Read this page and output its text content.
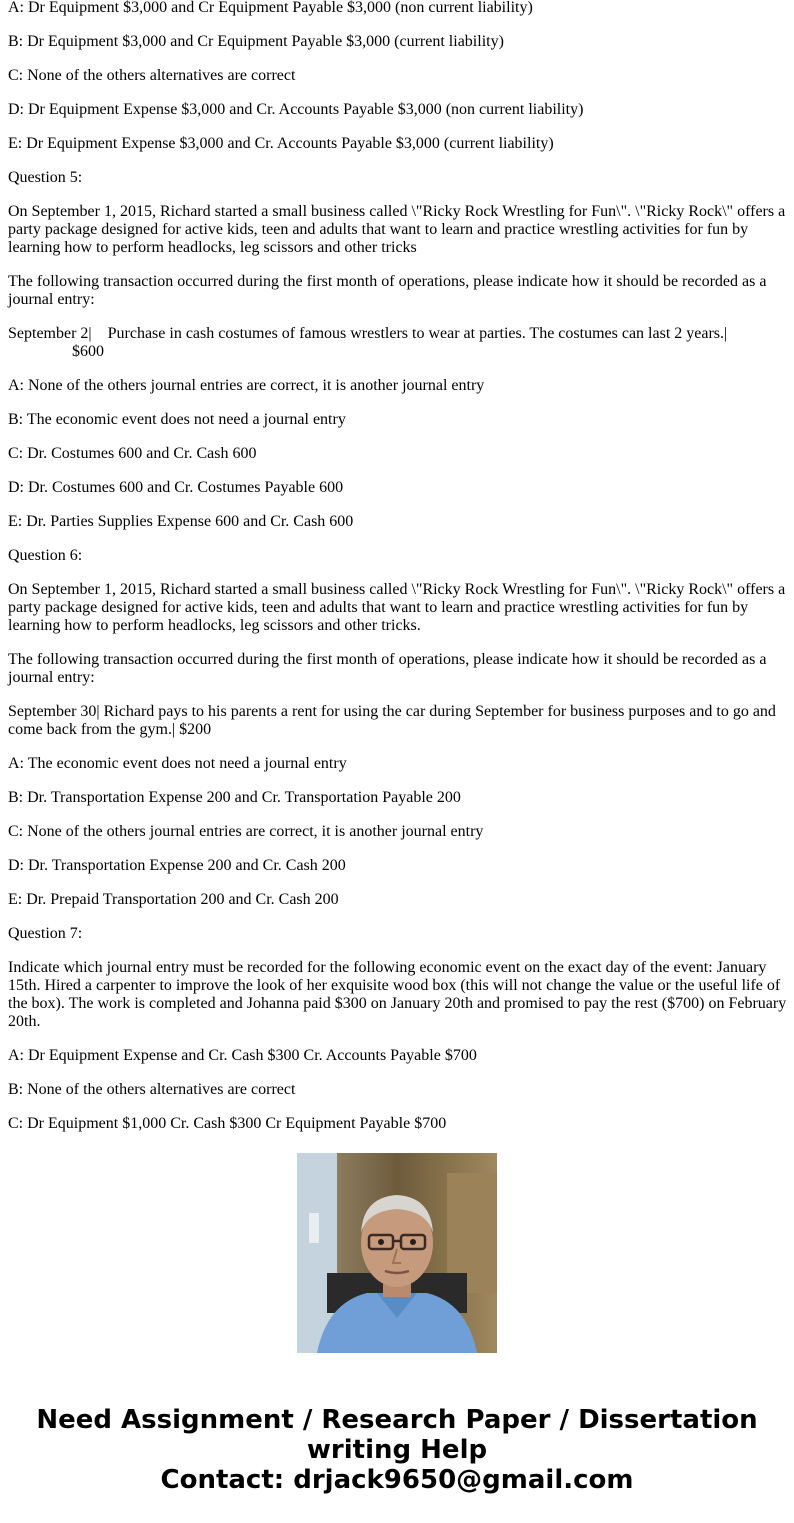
A: Dr Equipment $3,000 and Cr Equipment Payable $3,000 (non current liability)

B: Dr Equipment $3,000 and Cr Equipment Payable $3,000 (current liability)

C: None of the others alternatives are correct

D: Dr Equipment Expense $3,000 and Cr. Accounts Payable $3,000 (non current liability)

E: Dr Equipment Expense $3,000 and Cr. Accounts Payable $3,000 (current liability)

Question 5:

On September 1, 2015, Richard started a small business called \"Ricky Rock Wrestling for Fun\". \"Ricky Rock\" offers a party package designed for active kids, teen and adults that want to learn and practice wrestling activities for fun by learning how to perform headlocks, leg scissors and other tricks

The following transaction occurred during the first month of operations, please indicate how it should be recorded as a journal entry:

September 2|    Purchase in cash costumes of famous wrestlers to wear at parties. The costumes can last 2 years.|
$600

A: None of the others journal entries are correct, it is another journal entry

B: The economic event does not need a journal entry

C: Dr. Costumes 600 and Cr. Cash 600

D: Dr. Costumes 600 and Cr. Costumes Payable 600

E: Dr. Parties Supplies Expense 600 and Cr. Cash 600

Question 6:

On September 1, 2015, Richard started a small business called \"Ricky Rock Wrestling for Fun\". \"Ricky Rock\" offers a party package designed for active kids, teen and adults that want to learn and practice wrestling activities for fun by learning how to perform headlocks, leg scissors and other tricks.

The following transaction occurred during the first month of operations, please indicate how it should be recorded as a journal entry:

September 30| Richard pays to his parents a rent for using the car during September for business purposes and to go and come back from the gym.| $200

A: The economic event does not need a journal entry

B: Dr. Transportation Expense 200 and Cr. Transportation Payable 200

C: None of the others journal entries are correct, it is another journal entry

D: Dr. Transportation Expense 200 and Cr. Cash 200

E: Dr. Prepaid Transportation 200 and Cr. Cash 200

Question 7:

Indicate which journal entry must be recorded for the following economic event on the exact day of the event: January 15th. Hired a carpenter to improve the look of her exquisite wood box (this will not change the value or the useful life of the box). The work is completed and Johanna paid $300 on January 20th and promised to pay the rest ($700) on February 20th.

A: Dr Equipment Expense and Cr. Cash $300 Cr. Accounts Payable $700

B: None of the others alternatives are correct

C: Dr Equipment $1,000 Cr. Cash $300 Cr Equipment Payable $700

Need Assignment / Research Paper / Dissertation
writing Help
Contact: drjack9650@gmail.com
